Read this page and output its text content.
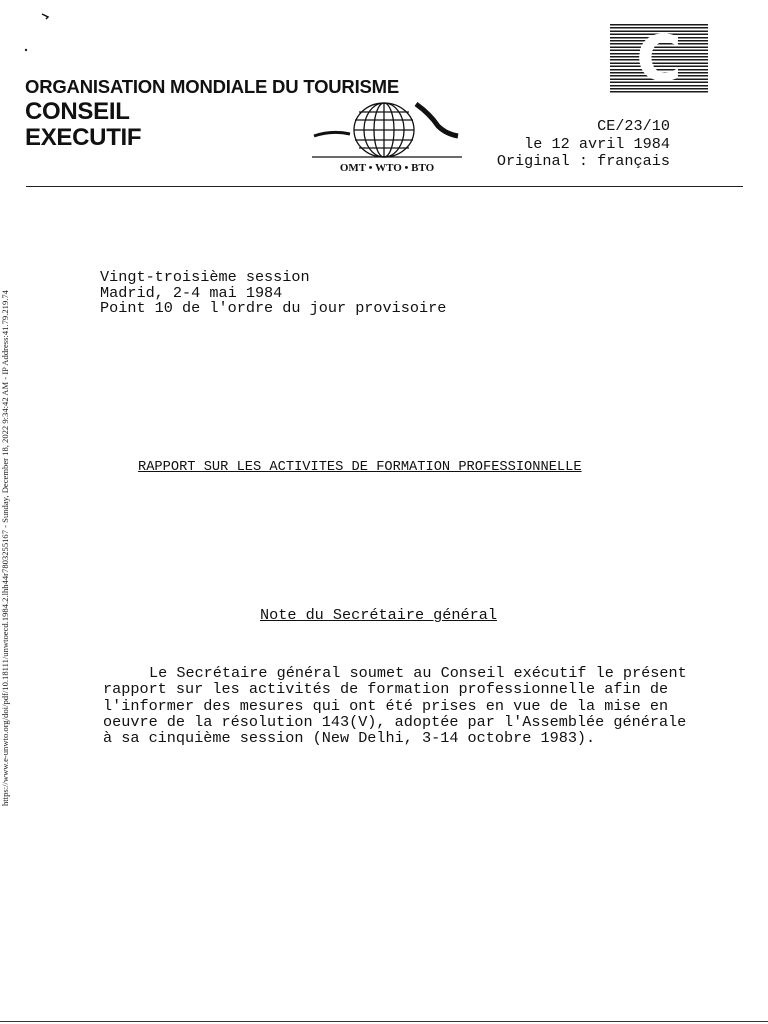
https://www.e-unwto.org/doi/pdf/10.18111/unwtoecd.1984.2.lhh44r7803255167 - Sunday, December 18, 2022 9:34:42 AM - IP Address:41.79.219.74
ORGANISATION MONDIALE DU TOURISME
CONSEIL
EXECUTIF
C
OMT • WTO • BTO
CE/23/10
le 12 avril 1984
Original : français
Vingt-troisième session
Madrid, 2-4 mai 1984
Point 10 de l'ordre du jour provisoire
RAPPORT SUR LES ACTIVITES DE FORMATION PROFESSIONNELLE
Note du Secrétaire général
Le Secrétaire général soumet au Conseil exécutif le présent
rapport sur les activités de formation professionnelle afin de
l'informer des mesures qui ont été prises en vue de la mise en
oeuvre de la résolution 143(V), adoptée par l'Assemblée générale
à sa cinquième session (New Delhi, 3-14 octobre 1983).
